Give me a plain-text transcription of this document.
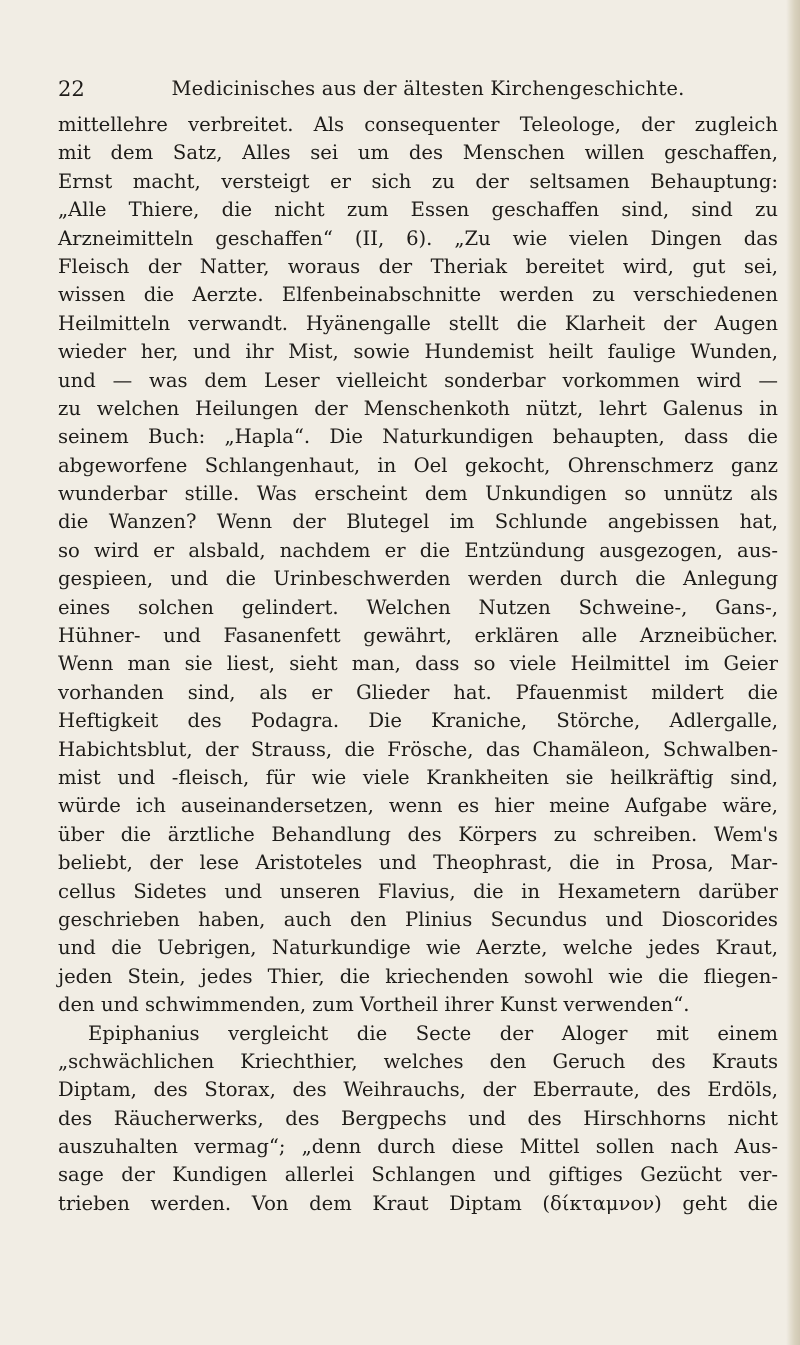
22	Medicinisches aus der ältesten Kirchengeschichte.
mittellehre verbreitet. Als consequenter Teleologe, der zugleich
mit dem Satz, Alles sei um des Menschen willen geschaffen,
Ernst macht, versteigt er sich zu der seltsamen Behauptung:
„Alle Thiere, die nicht zum Essen geschaffen sind, sind zu
Arzneimitteln geschaffen“ (II, 6). „Zu wie vielen Dingen das
Fleisch der Natter, woraus der Theriak bereitet wird, gut sei,
wissen die Aerzte. Elfenbeinabschnitte werden zu verschiedenen
Heilmitteln verwandt. Hyänengalle stellt die Klarheit der Augen
wieder her, und ihr Mist, sowie Hundemist heilt faulige Wunden,
und — was dem Leser vielleicht sonderbar vorkommen wird —
zu welchen Heilungen der Menschenkoth nützt, lehrt Galenus in
seinem Buch: „Hapla“. Die Naturkundigen behaupten, dass die
abgeworfene Schlangenhaut, in Oel gekocht, Ohrenschmerz ganz
wunderbar stille. Was erscheint dem Unkundigen so unnütz als
die Wanzen? Wenn der Blutegel im Schlunde angebissen hat,
so wird er alsbald, nachdem er die Entzündung ausgezogen, aus-
gespieen, und die Urinbeschwerden werden durch die Anlegung
eines solchen gelindert. Welchen Nutzen Schweine-, Gans-,
Hühner- und Fasanenfett gewährt, erklären alle Arzneibücher.
Wenn man sie liest, sieht man, dass so viele Heilmittel im Geier
vorhanden sind, als er Glieder hat. Pfauenmist mildert die
Heftigkeit des Podagra. Die Kraniche, Störche, Adlergalle,
Habichtsblut, der Strauss, die Frösche, das Chamäleon, Schwalben-
mist und -fleisch, für wie viele Krankheiten sie heilkräftig sind,
würde ich auseinandersetzen, wenn es hier meine Aufgabe wäre,
über die ärztliche Behandlung des Körpers zu schreiben. Wem's
beliebt, der lese Aristoteles und Theophrast, die in Prosa, Mar-
cellus Sidetes und unseren Flavius, die in Hexametern darüber
geschrieben haben, auch den Plinius Secundus und Dioscorides
und die Uebrigen, Naturkundige wie Aerzte, welche jedes Kraut,
jeden Stein, jedes Thier, die kriechenden sowohl wie die fliegen-
den und schwimmenden, zum Vortheil ihrer Kunst verwenden“.
Epiphanius vergleicht die Secte der Aloger mit einem
„schwächlichen Kriechthier, welches den Geruch des Krauts
Diptam, des Storax, des Weihrauchs, der Eberraute, des Erdöls,
des Räucherwerks, des Bergpechs und des Hirschhorns nicht
auszuhalten vermag“; „denn durch diese Mittel sollen nach Aus-
sage der Kundigen allerlei Schlangen und giftiges Gezücht ver-
trieben werden. Von dem Kraut Diptam (δίκταμνον) geht die
